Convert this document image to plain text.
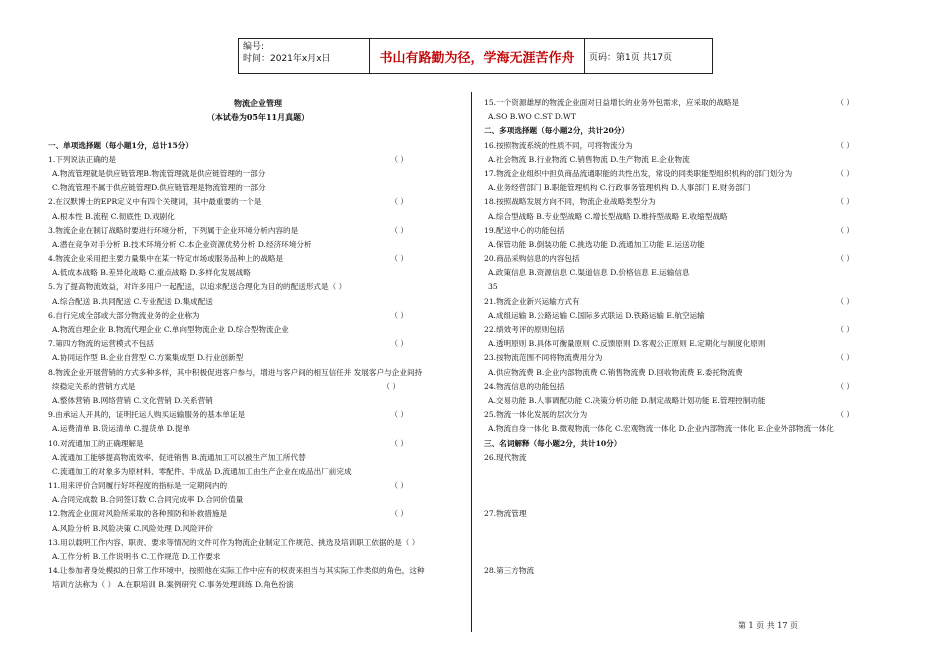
编号:
时间：2021年x月x日	书山有路勤为径，学海无涯苦作舟	页码：第1页 共17页
物流企业管理
（本试卷为05年11月真题）
一、单项选择题（每小题1分，总计15分）
1.下列说法正确的是	（ ）
A.物流管理就是供应链管理B.物流管理就是供应链管理的一部分
C.物流管理不属于供应链管理D.供应链管理是物流管理的一部分
2.在汉默博士的EPR定义中有四个关键词，其中最重要的一个是	（ ）
A.根本性 B.流程 C.彻底性 D.戏剧化
3.物流企业在制订战略时要进行环境分析，下列属于企业环境分析内容的是	（ ）
A.潜在竞争对手分析 B.技术环境分析 C.本企业资源优势分析 D.经济环境分析
4.物流企业采用把主要力量集中在某一特定市场或服务品种上的战略是	（ ）
A.低成本战略 B.差异化战略 C.重点战略 D.多样化发展战略
5.为了提高物流效益，对许多用户一起配送，以追求配送合理化为目的的配送形式是（ ）
A.综合配送 B.共同配送 C.专业配送 D.集成配送
6.自行完成全部或大部分物流业务的企业称为	（ ）
A.物流自理企业 B.物流代理企业 C.单向型物流企业 D.综合型物流企业
7.第四方物流的运营模式不包括	（ ）
A.协同运作型 B.企业自营型 C.方案集成型 D.行业创新型
8.物流企业开展营销的方式多种多样，其中积极促进客户参与，增进与客户间的相互信任并 发展客户与企业间持
续稳定关系的营销方式是	（ ）
A.整体营销 B.网络营销 C.文化营销 D.关系营销
9.由承运人开具的，证明托运人购买运输服务的基本单证是	（ ）
A.运费清单 B.货运清单 C.提货单 D.提单
10.对流通加工的正确理解是	（ ）
A.流通加工能够提高物流效率、促进销售 B.流通加工可以被生产加工所代替
C.流通加工的对象多为原材料、零配件、半成品 D.流通加工由生产企业在成品出厂前完成
11.用来评价合同履行好坏程度的指标是一定期间内的	（ ）
A.合同完成数 B.合同签订数 C.合同完成率 D.合同价值量
12.物流企业面对风险所采取的各种预防和补救措施是	（ ）
A.风险分析 B.风险决策 C.风险处理 D.风险评价
13.用以载明工作内容、职责、要求等情况的文件可作为物流企业制定工作规范、挑选及培训职工依据的是（ ）
A.工作分析 B.工作说明书 C.工作规范 D.工作要求
14.让参加者身处模拟的日常工作环境中，按照他在实际工作中应有的权责来担当与其实际工作类似的角色，这种
培训方法称为（ ） A.在职培训 B.案例研究 C.事务处理训练 D.角色扮演
15.一个资源雄厚的物流企业面对日益增长的业务外包需求，应采取的战略是	（ ）
A.SO B.WO C.ST D.WT
二、多项选择题（每小题2分，共计20分）
16.按照物流系统的性质不同，可将物流分为	（ ）
A.社会物流 B.行业物流 C.销售物流 D.生产物流 E.企业物流
17.物流企业组织中担负商品流通职能的共性出发，常设的同类职能型组织机构的部门划分为	（ ）
A.业务经营部门 B.职能管理机构 C.行政事务管理机构 D.人事部门 E.财务部门
18.按照战略发展方向不同，物流企业战略类型分为	（ ）
A.综合型战略 B.专业型战略 C.增长型战略 D.维持型战略 E.收缩型战略
19.配送中心的功能包括	（ ）
A.保管功能 B.倒装功能 C.挑选功能 D.流通加工功能 E.运送功能
20.商品采购信息的内容包括	（ ）
A.政策信息 B.资源信息 C.渠道信息 D.价格信息 E.运输信息
35
21.物流企业新兴运输方式有	（ ）
A.成组运输 B.公路运输 C.国际多式联运 D.铁路运输 E.航空运输
22.绩效考评的原则包括	（ ）
A.透明原则 B.具体可衡量原则 C.反馈原则 D.客观公正原则 E.定期化与制度化原则
23.按物流范围不同将物流费用分为	（ ）
A.供应物流费 B.企业内部物流费 C.销售物流费 D.回收物流费 E.委托物流费
24.物流信息的功能包括	（ ）
A.交易功能 B.人事调配功能 C.决策分析功能 D.制定战略计划功能 E.管理控制功能
25.物流一体化发展的层次分为	（ ）
A.物流自身一体化 B.微观物流一体化 C.宏观物流一体化 D.企业内部物流一体化 E.企业外部物流一体化
三、名词解释（每小题2分，共计10分）
26.现代物流
27.物流管理
28.第三方物流
第 1 页 共 17 页
